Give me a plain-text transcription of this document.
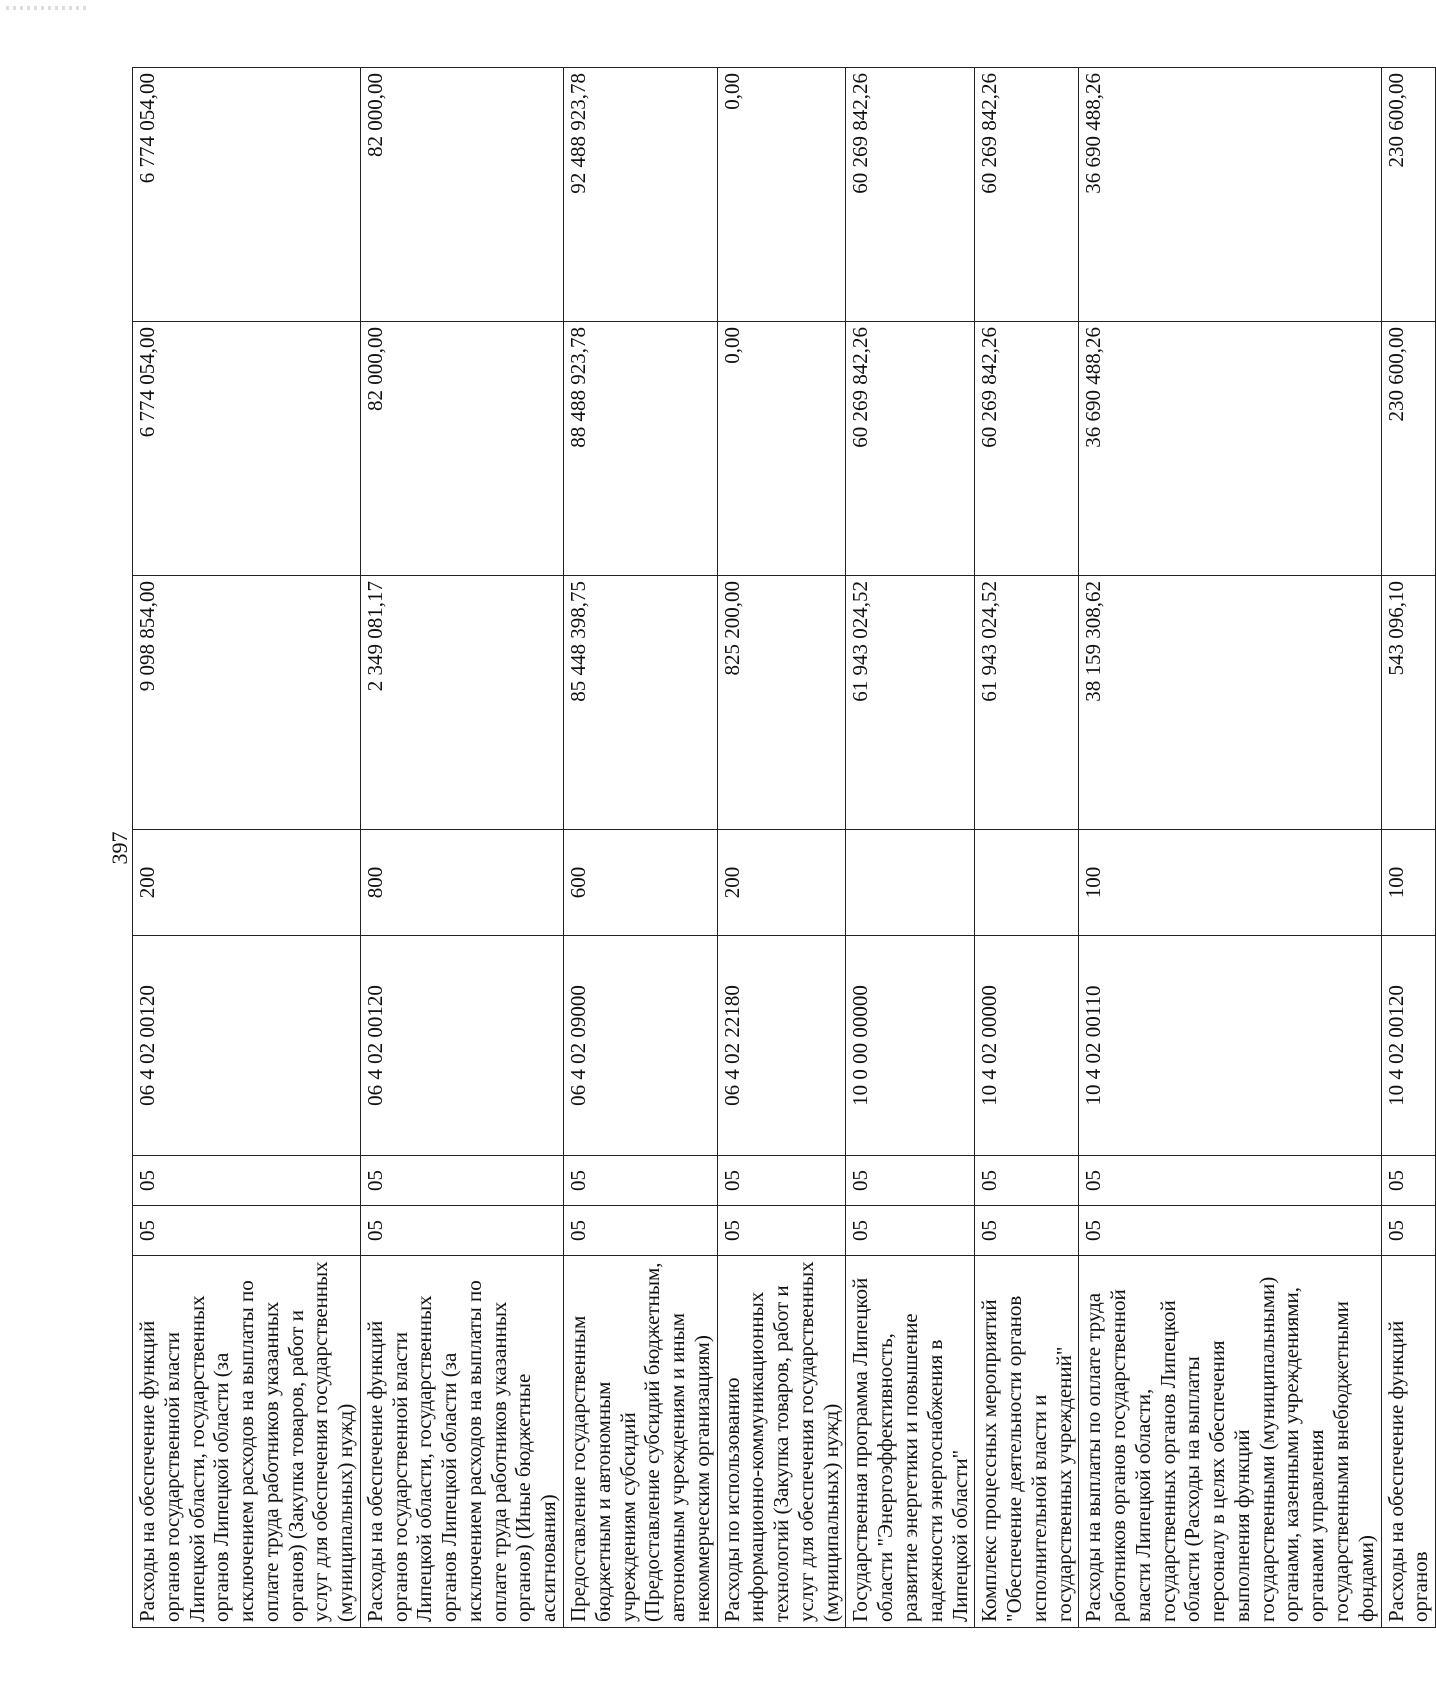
397
Расходы на обеспечение функций органов государственной власти Липецкой области, государственных органов Липецкой области (за исключением расходов на выплаты по оплате труда работников указанных органов) (Закупка товаров, работ и услуг для обеспечения государственных (муниципальных) нужд)	05	05	06 4 02 00120	200	9 098 854,00	6 774 054,00	6 774 054,00
Расходы на обеспечение функций органов государственной власти Липецкой области, государственных органов Липецкой области (за исключением расходов на выплаты по оплате труда работников указанных органов) (Иные бюджетные ассигнования)	05	05	06 4 02 00120	800	2 349 081,17	82 000,00	82 000,00
Предоставление государственным бюджетным и автономным учреждениям субсидий (Предоставление субсидий бюджетным, автономным учреждениям и иным некоммерческим организациям)	05	05	06 4 02 09000	600	85 448 398,75	88 488 923,78	92 488 923,78
Расходы по использованию информационно-коммуникационных технологий (Закупка товаров, работ и услуг для обеспечения государственных (муниципальных) нужд)	05	05	06 4 02 22180	200	825 200,00	0,00	0,00
Государственная программа Липецкой области "Энергоэффективность, развитие энергетики и повышение надежности энергоснабжения в Липецкой области"	05	05	10 0 00 00000		61 943 024,52	60 269 842,26	60 269 842,26
Комплекс процессных мероприятий "Обеспечение деятельности органов исполнительной власти и государственных учреждений"	05	05	10 4 02 00000		61 943 024,52	60 269 842,26	60 269 842,26
Расходы на выплаты по оплате труда работников органов государственной власти Липецкой области, государственных органов Липецкой области (Расходы на выплаты персоналу в целях обеспечения выполнения функций государственными (муниципальными) органами, казенными учреждениями, органами управления государственными внебюджетными фондами)	05	05	10 4 02 00110	100	38 159 308,62	36 690 488,26	36 690 488,26
Расходы на обеспечение функций органов	05	05	10 4 02 00120	100	543 096,10	230 600,00	230 600,00
